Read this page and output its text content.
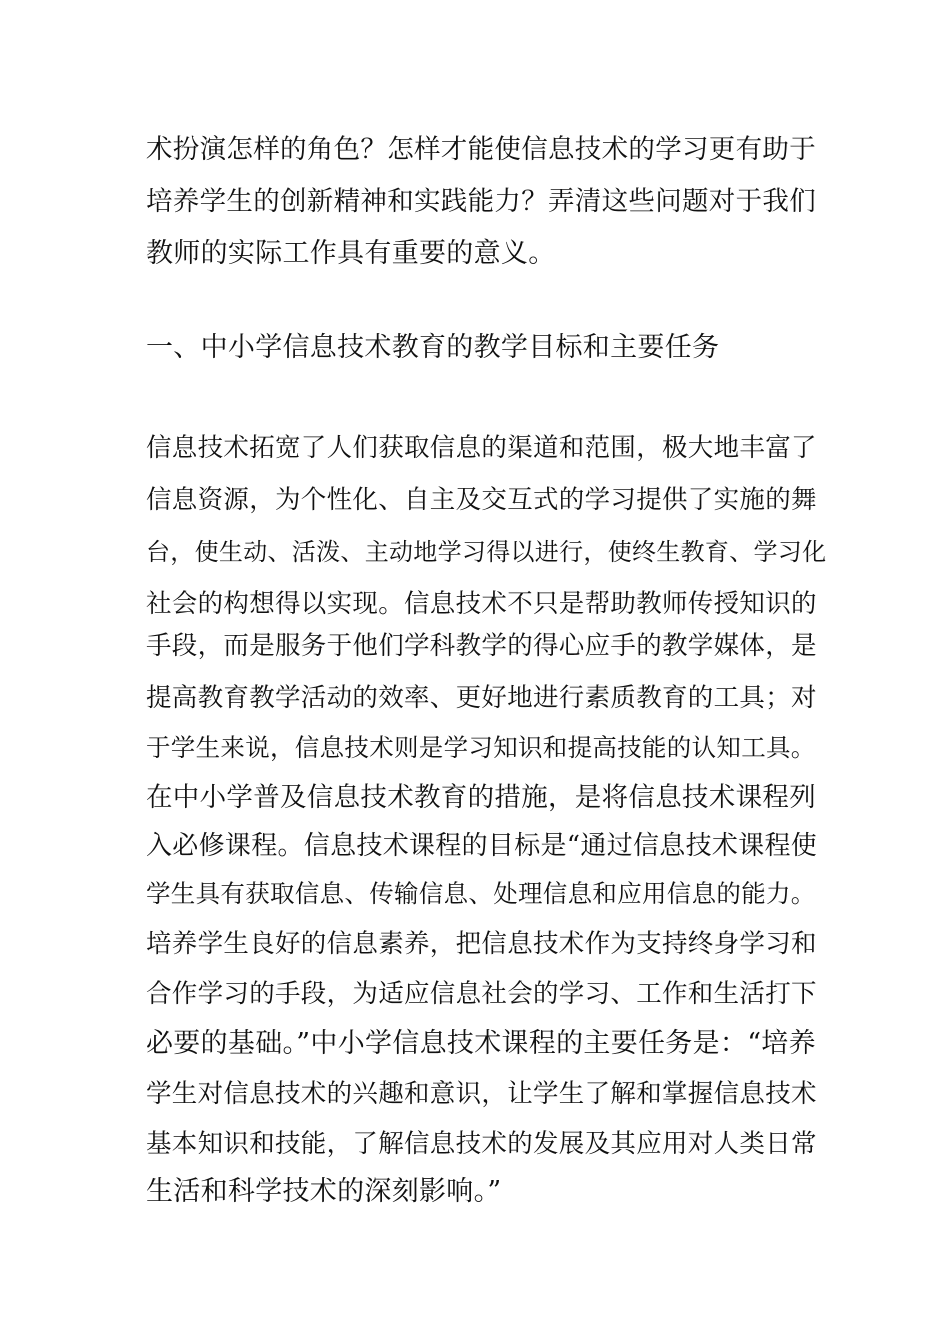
术扮演怎样的角色？怎样才能使信息技术的学习更有助于
培养学生的创新精神和实践能力？弄清这些问题对于我们
教师的实际工作具有重要的意义。
一、中小学信息技术教育的教学目标和主要任务
信息技术拓宽了人们获取信息的渠道和范围，极大地丰富了
信息资源，为个性化、自主及交互式的学习提供了实施的舞
台，使生动、活泼、主动地学习得以进行，使终生教育、学习化
社会的构想得以实现。信息技术不只是帮助教师传授知识的
手段，而是服务于他们学科教学的得心应手的教学媒体，是
提高教育教学活动的效率、更好地进行素质教育的工具；对
于学生来说，信息技术则是学习知识和提高技能的认知工具。
在中小学普及信息技术教育的措施，是将信息技术课程列
入必修课程。信息技术课程的目标是“通过信息技术课程使
学生具有获取信息、传输信息、处理信息和应用信息的能力。
培养学生良好的信息素养，把信息技术作为支持终身学习和
合作学习的手段，为适应信息社会的学习、工作和生活打下
必要的基础。”中小学信息技术课程的主要任务是：“培养
学生对信息技术的兴趣和意识，让学生了解和掌握信息技术
基本知识和技能，了解信息技术的发展及其应用对人类日常
生活和科学技术的深刻影响。”
